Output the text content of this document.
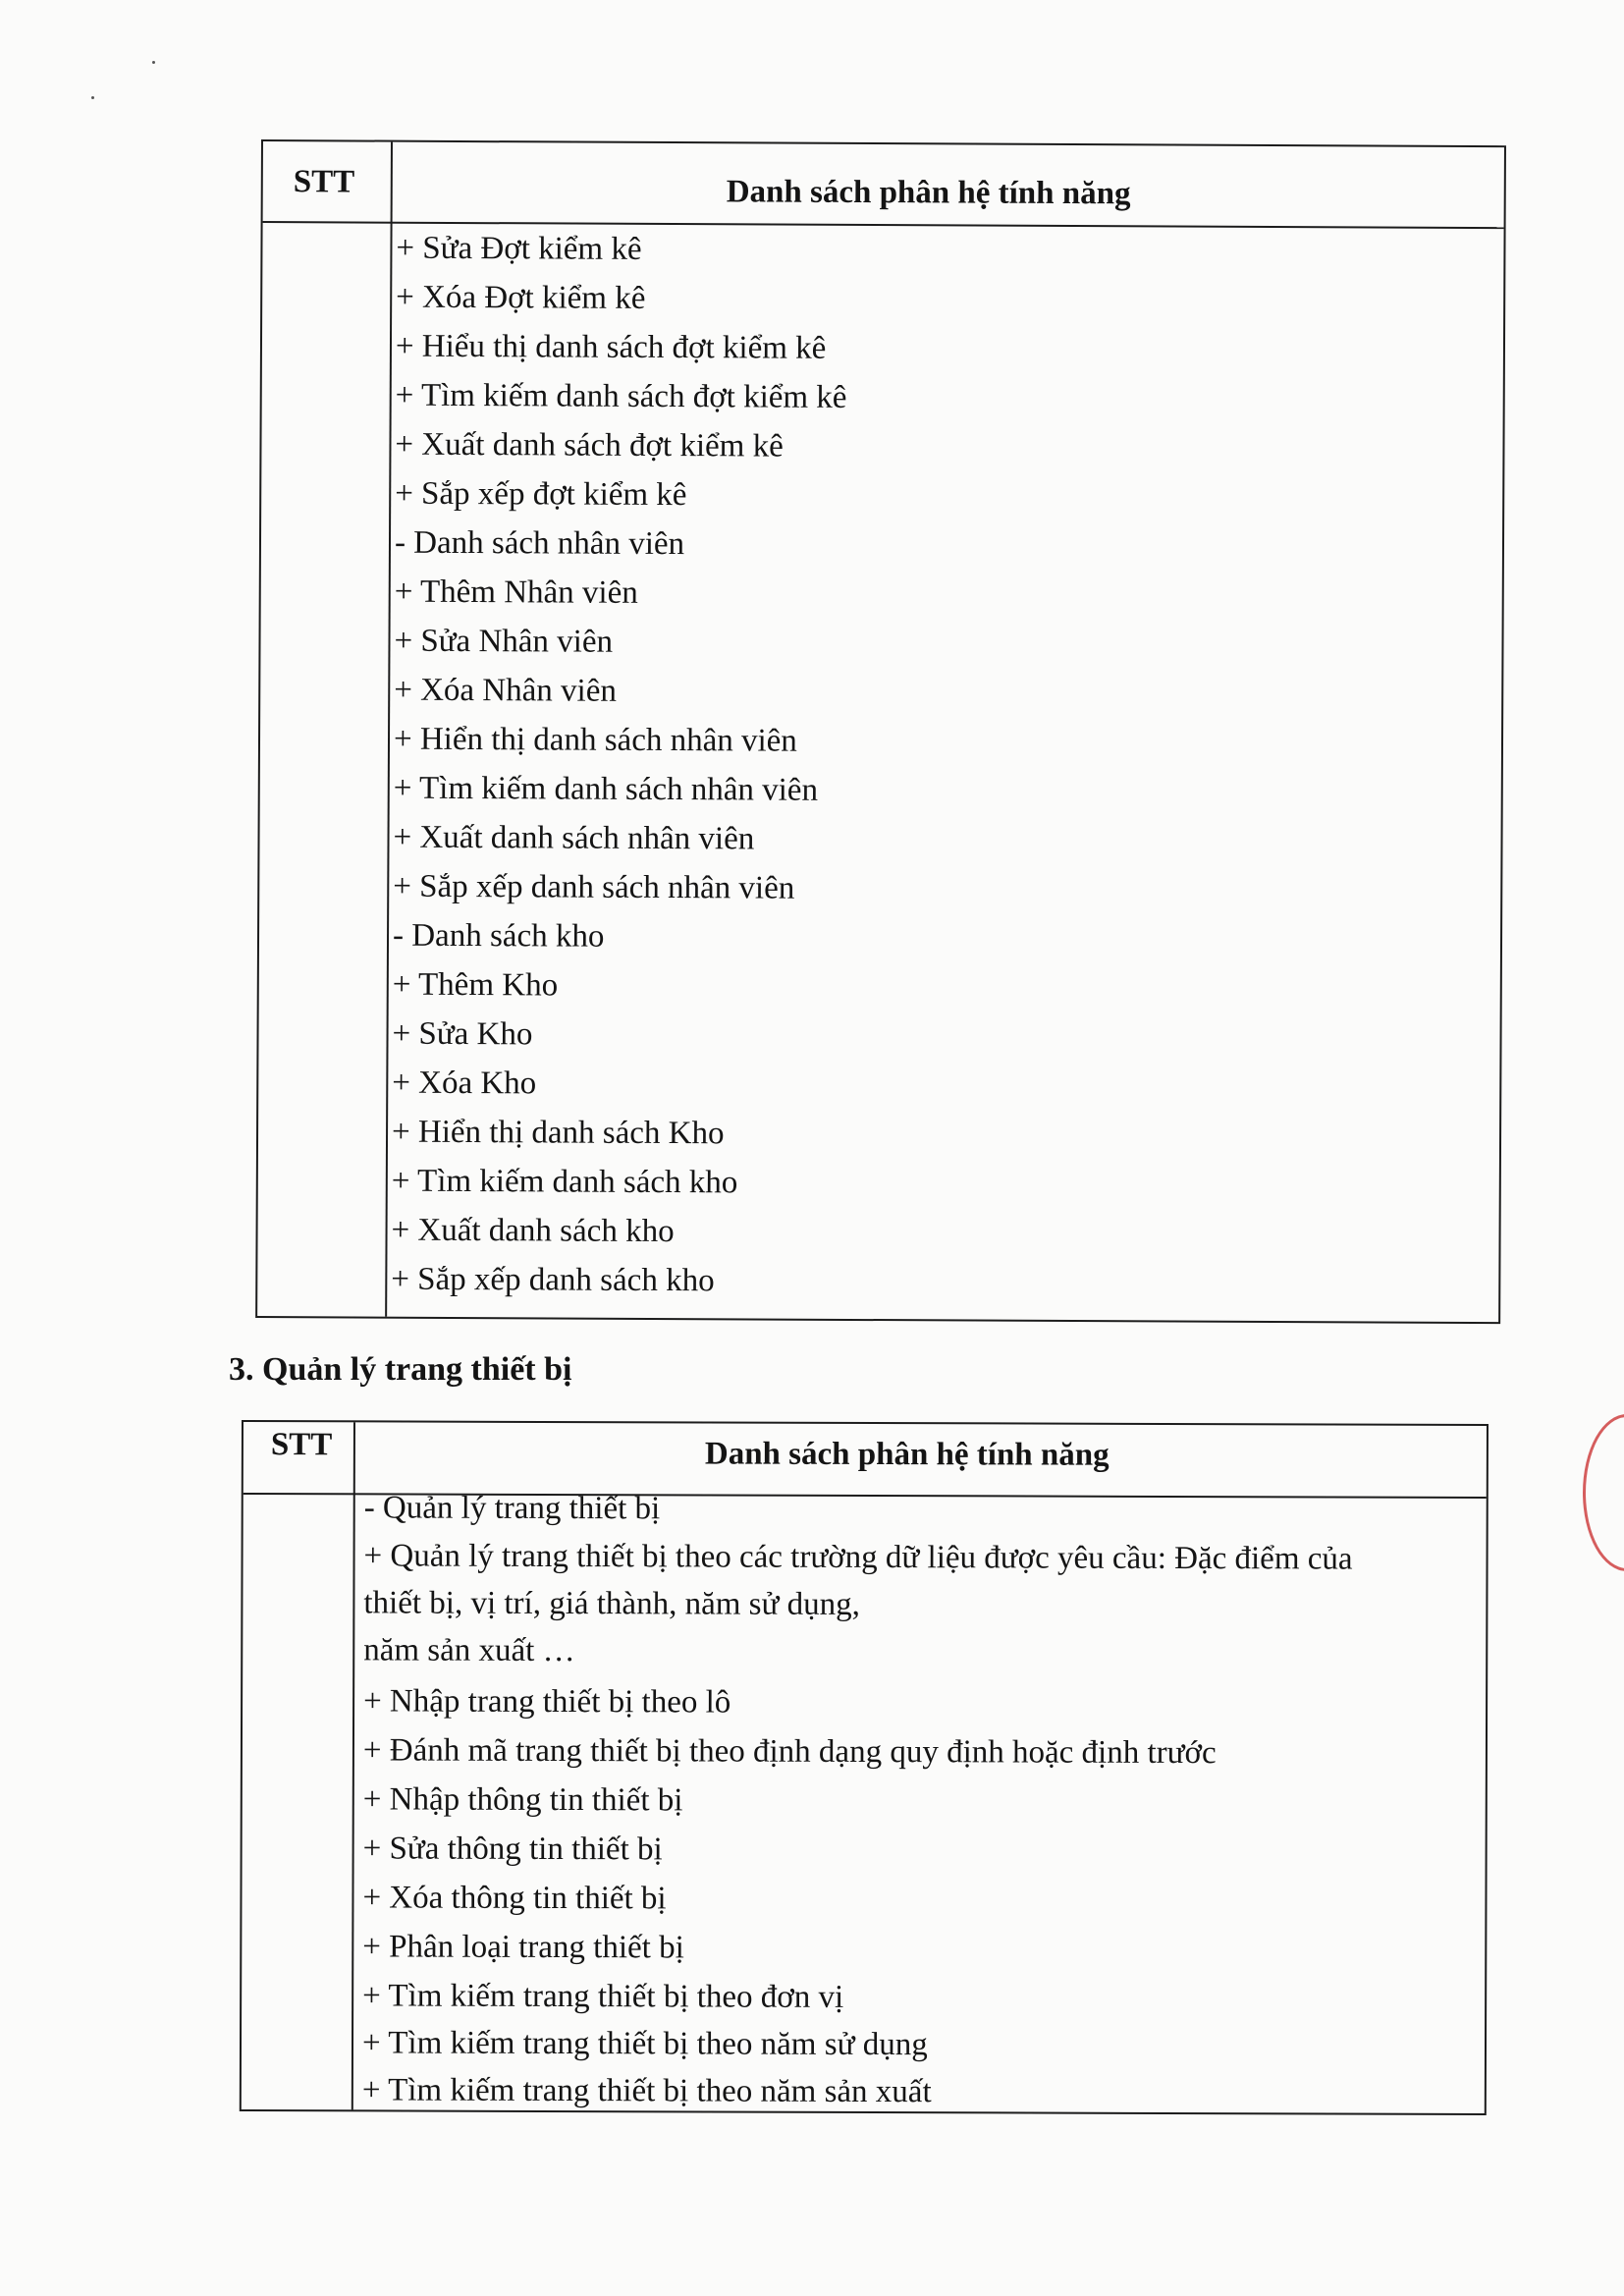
STT	Danh sách phân hệ tính năng
+ Sửa Đợt kiểm kê
+ Xóa Đợt kiểm kê
+ Hiểu thị danh sách đợt kiểm kê
+ Tìm kiếm danh sách đợt kiểm kê
+ Xuất danh sách đợt kiểm kê
+ Sắp xếp đợt kiểm kê
- Danh sách nhân viên
+ Thêm Nhân viên
+ Sửa Nhân viên
+ Xóa Nhân viên
+ Hiển thị danh sách nhân viên
+ Tìm kiếm danh sách nhân viên
+ Xuất danh sách nhân viên
+ Sắp xếp danh sách nhân viên
- Danh sách kho
+ Thêm Kho
+ Sửa Kho
+ Xóa Kho
+ Hiển thị danh sách Kho
+ Tìm kiếm danh sách kho
+ Xuất danh sách kho
+ Sắp xếp danh sách kho
3. Quản lý trang thiết bị
STT	Danh sách phân hệ tính năng
- Quản lý trang thiết bị
+ Quản lý trang thiết bị theo các trường dữ liệu được yêu cầu: Đặc điểm của
thiết bị, vị trí, giá thành, năm sử dụng,
năm sản xuất …
+ Nhập trang thiết bị theo lô
+ Đánh mã trang thiết bị theo định dạng quy định hoặc định trước
+ Nhập thông tin thiết bị
+ Sửa thông tin thiết bị
+ Xóa thông tin thiết bị
+ Phân loại trang thiết bị
+ Tìm kiếm trang thiết bị theo đơn vị
+ Tìm kiếm trang thiết bị theo năm sử dụng
+ Tìm kiếm trang thiết bị theo năm sản xuất
